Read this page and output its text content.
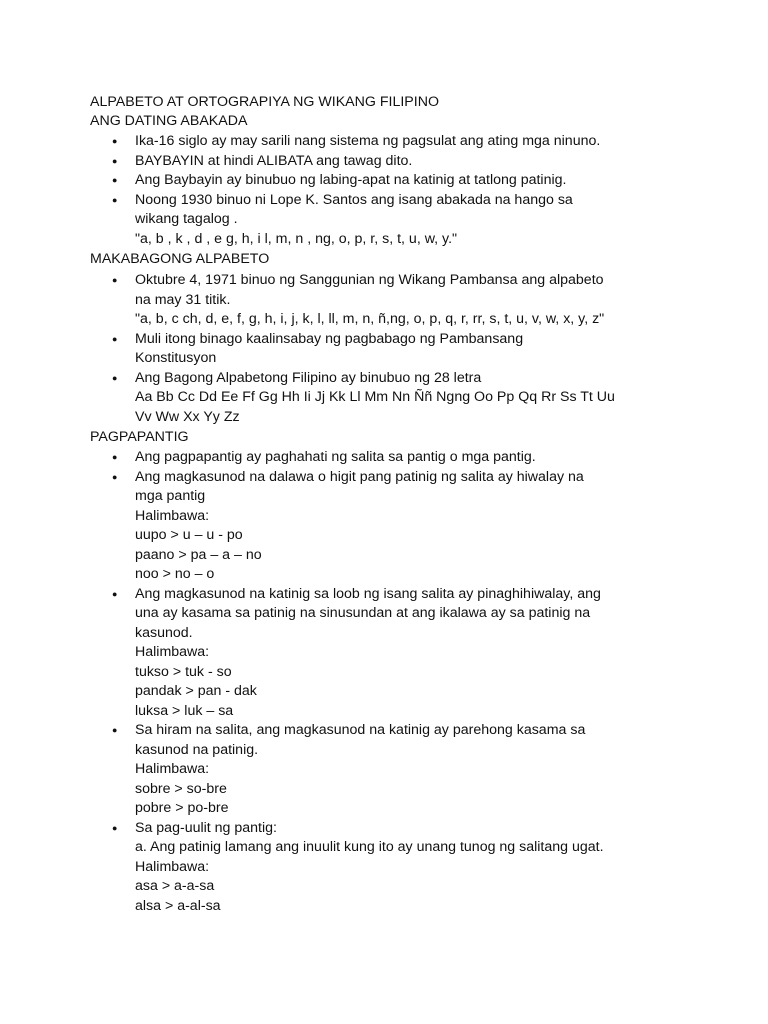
ALPABETO AT ORTOGRAPIYA NG WIKANG FILIPINO
ANG DATING ABAKADA
● Ika-16 siglo ay may sarili nang sistema ng pagsulat ang ating mga ninuno.
● BAYBAYIN at hindi ALIBATA ang tawag dito.
● Ang Baybayin ay binubuo ng labing-apat na katinig at tatlong patinig.
● Noong 1930 binuo ni Lope K. Santos ang isang abakada na hango sa
wikang tagalog .
"a, b , k , d , e g, h, i l, m, n , ng, o, p, r, s, t, u, w, y."
MAKABAGONG ALPABETO
● Oktubre 4, 1971 binuo ng Sanggunian ng Wikang Pambansa ang alpabeto
na may 31 titik.
"a, b, c ch, d, e, f, g, h, i, j, k, l, ll, m, n, ñ,ng, o, p, q, r, rr, s, t, u, v, w, x, y, z"
● Muli itong binago kaalinsabay ng pagbabago ng Pambansang
Konstitusyon
● Ang Bagong Alpabetong Filipino ay binubuo ng 28 letra
Aa Bb Cc Dd Ee Ff Gg Hh Ii Jj Kk Ll Mm Nn Ññ Ngng Oo Pp Qq Rr Ss Tt Uu
Vv Ww Xx Yy Zz
PAGPAPANTIG
● Ang pagpapantig ay paghahati ng salita sa pantig o mga pantig.
● Ang magkasunod na dalawa o higit pang patinig ng salita ay hiwalay na
mga pantig
Halimbawa:
uupo > u – u - po
paano > pa – a – no
noo > no – o
● Ang magkasunod na katinig sa loob ng isang salita ay pinaghihiwalay, ang
una ay kasama sa patinig na sinusundan at ang ikalawa ay sa patinig na
kasunod.
Halimbawa:
tukso > tuk - so
pandak > pan - dak
luksa > luk – sa
● Sa hiram na salita, ang magkasunod na katinig ay parehong kasama sa
kasunod na patinig.
Halimbawa:
sobre > so-bre
pobre > po-bre
● Sa pag-uulit ng pantig:
a. Ang patinig lamang ang inuulit kung ito ay unang tunog ng salitang ugat.
Halimbawa:
asa > a-a-sa
alsa > a-al-sa
